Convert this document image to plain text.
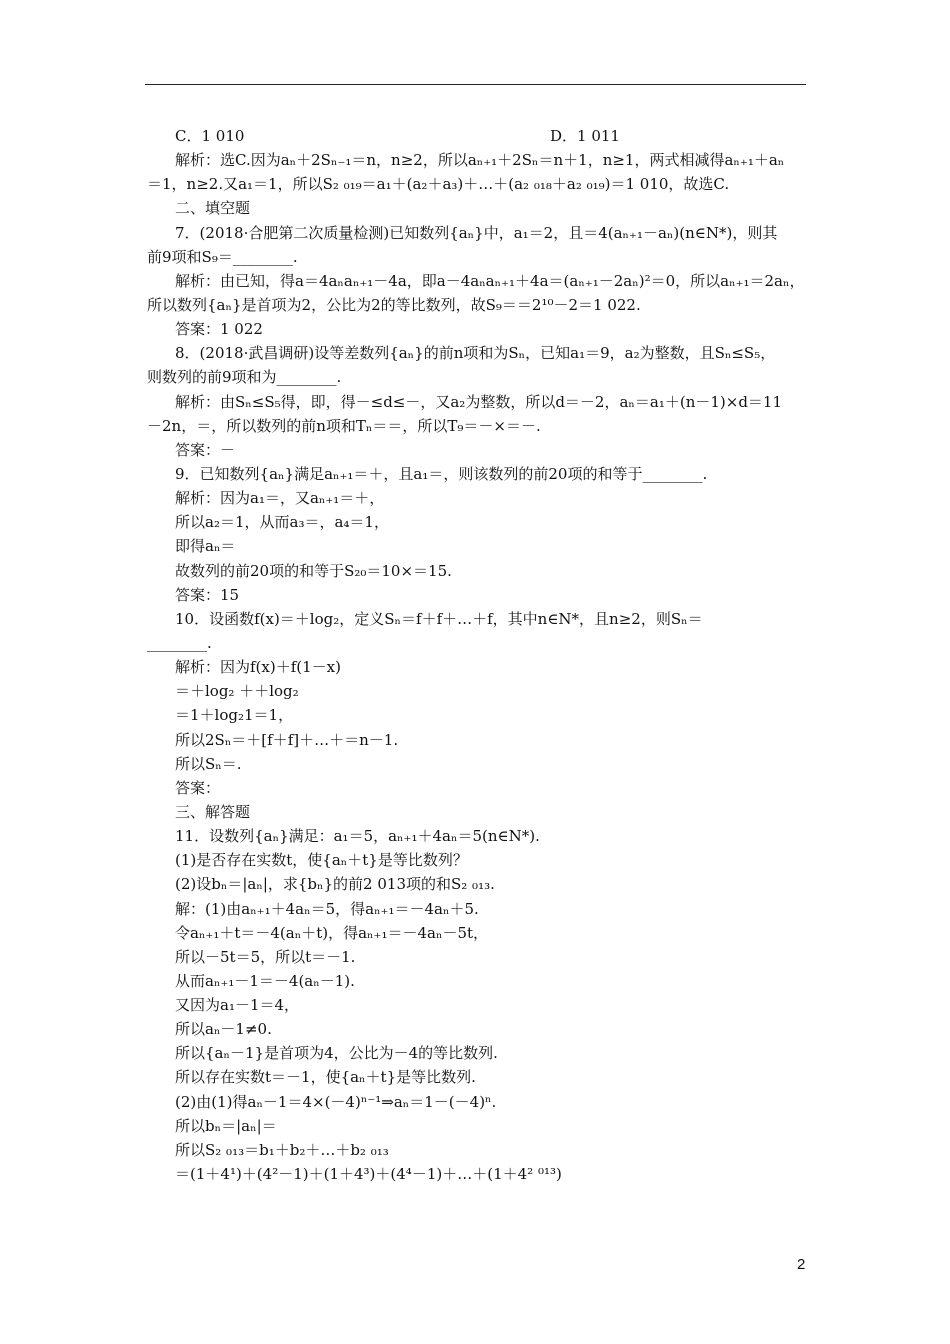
C．1 010	D．1 011
解析：选C.因为aₙ＋2Sₙ₋₁＝n，n≥2，所以aₙ₊₁＋2Sₙ＝n＋1，n≥1，两式相减得aₙ₊₁＋aₙ
＝1，n≥2.又a₁＝1，所以S₂ ₀₁₉＝a₁＋(a₂＋a₃)＋…＋(a₂ ₀₁₈＋a₂ ₀₁₉)＝1 010，故选C.
二、填空题
7．(2018·合肥第二次质量检测)已知数列{aₙ}中，a₁＝2，且＝4(aₙ₊₁－aₙ)(n∈N*)，则其
前9项和S₉＝________.
解析：由已知，得a＝4aₙaₙ₊₁－4a，即a－4aₙaₙ₊₁＋4a＝(aₙ₊₁－2aₙ)²＝0，所以aₙ₊₁＝2aₙ，
所以数列{aₙ}是首项为2，公比为2的等比数列，故S₉＝＝2¹⁰－2＝1 022.
答案：1 022
8．(2018·武昌调研)设等差数列{aₙ}的前n项和为Sₙ，已知a₁＝9，a₂为整数，且Sₙ≤S₅，
则数列的前9项和为________.
解析：由Sₙ≤S₅得，即，得－≤d≤－，又a₂为整数，所以d＝－2，aₙ＝a₁＋(n－1)×d＝11
－2n，＝，所以数列的前n项和Tₙ＝＝，所以T₉＝－×＝－.
答案：－
9．已知数列{aₙ}满足aₙ₊₁＝＋，且a₁＝，则该数列的前20项的和等于________.
解析：因为a₁＝，又aₙ₊₁＝＋，
所以a₂＝1，从而a₃＝，a₄＝1，
即得aₙ＝
故数列的前20项的和等于S₂₀＝10×＝15.
答案：15
10．设函数f(x)＝＋log₂，定义Sₙ＝f＋f＋…＋f，其中n∈N*，且n≥2，则Sₙ＝
________.
解析：因为f(x)＋f(1－x)
＝＋log₂ ＋＋log₂
＝1＋log₂1＝1，
所以2Sₙ＝＋[f＋f]＋…＋＝n－1.
所以Sₙ＝.
答案：
三、解答题
11．设数列{aₙ}满足：a₁＝5，aₙ₊₁＋4aₙ＝5(n∈N*).
(1)是否存在实数t，使{aₙ＋t}是等比数列？
(2)设bₙ＝|aₙ|，求{bₙ}的前2 013项的和S₂ ₀₁₃.
解：(1)由aₙ₊₁＋4aₙ＝5，得aₙ₊₁＝－4aₙ＋5.
令aₙ₊₁＋t＝－4(aₙ＋t)，得aₙ₊₁＝－4aₙ－5t，
所以－5t＝5，所以t＝－1.
从而aₙ₊₁－1＝－4(aₙ－1).
又因为a₁－1＝4，
所以aₙ－1≠0.
所以{aₙ－1}是首项为4，公比为－4的等比数列.
所以存在实数t＝－1，使{aₙ＋t}是等比数列.
(2)由(1)得aₙ－1＝4×(－4)ⁿ⁻¹⇒aₙ＝1－(－4)ⁿ.
所以bₙ＝|aₙ|＝
所以S₂ ₀₁₃＝b₁＋b₂＋…＋b₂ ₀₁₃
＝(1＋4¹)＋(4²－1)＋(1＋4³)＋(4⁴－1)＋…＋(1＋4² ⁰¹³)
2
